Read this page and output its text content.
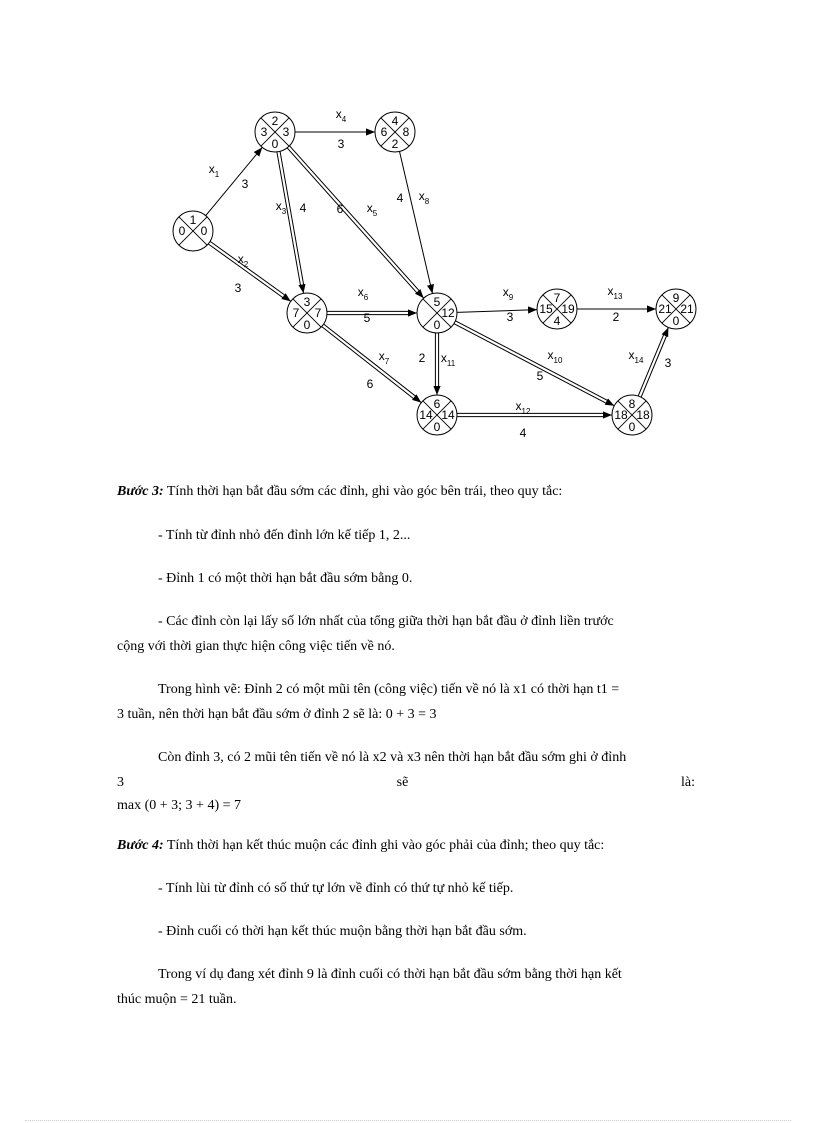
$x_1$
3
$x_2$
3
$x_3$ 4
$x_4$
3
$x_5$
6
$x_6$
5
$x_7$
6
$x_8$
4
$x_9$
3
$x_{10}$
5
$x_{11}$
2
$x_{12}$
4
$x_{13}$
2
$x_{14}$ 3
1
0 0
2
3 3
0
3
7 7
0
4
6 8
2
5
12
0
6
14 14
0
7
15 19
4
8
18 18
0
9
21 21
0
Bước 3: Tính thời hạn bắt đầu sớm các đỉnh, ghi vào góc bên trái, theo quy tắc:
- Tính từ đỉnh nhỏ đến đỉnh lớn kế tiếp 1, 2...
- Đỉnh 1 có một thời hạn bắt đầu sớm bằng 0.
- Các đỉnh còn lại lấy số lớn nhất của tổng giữa thời hạn bắt đầu ở đỉnh liền trước
cộng với thời gian thực hiện công việc tiến về nó.
Trong hình vẽ: Đỉnh 2 có một mũi tên (công việc) tiến về nó là x1 có thời hạn t1 =
3 tuần, nên thời hạn bắt đầu sớm ở đỉnh 2 sẽ là: 0 + 3 = 3
Còn đỉnh 3, có 2 mũi tên tiến về nó là x2 và x3 nên thời hạn bắt đầu sớm ghi ở đỉnh
3	sẽ	là:
max (0 + 3; 3 + 4) = 7
Bước 4: Tính thời hạn kết thúc muộn các đỉnh ghi vào góc phải của đỉnh; theo quy tắc:
- Tính lùi từ đỉnh có số thứ tự lớn về đỉnh có thứ tự nhỏ kế tiếp.
- Đỉnh cuối có thời hạn kết thúc muộn bằng thời hạn bắt đầu sớm.
Trong ví dụ đang xét đỉnh 9 là đỉnh cuối có thời hạn bắt đầu sớm bằng thời hạn kết
thúc muộn = 21 tuần.
